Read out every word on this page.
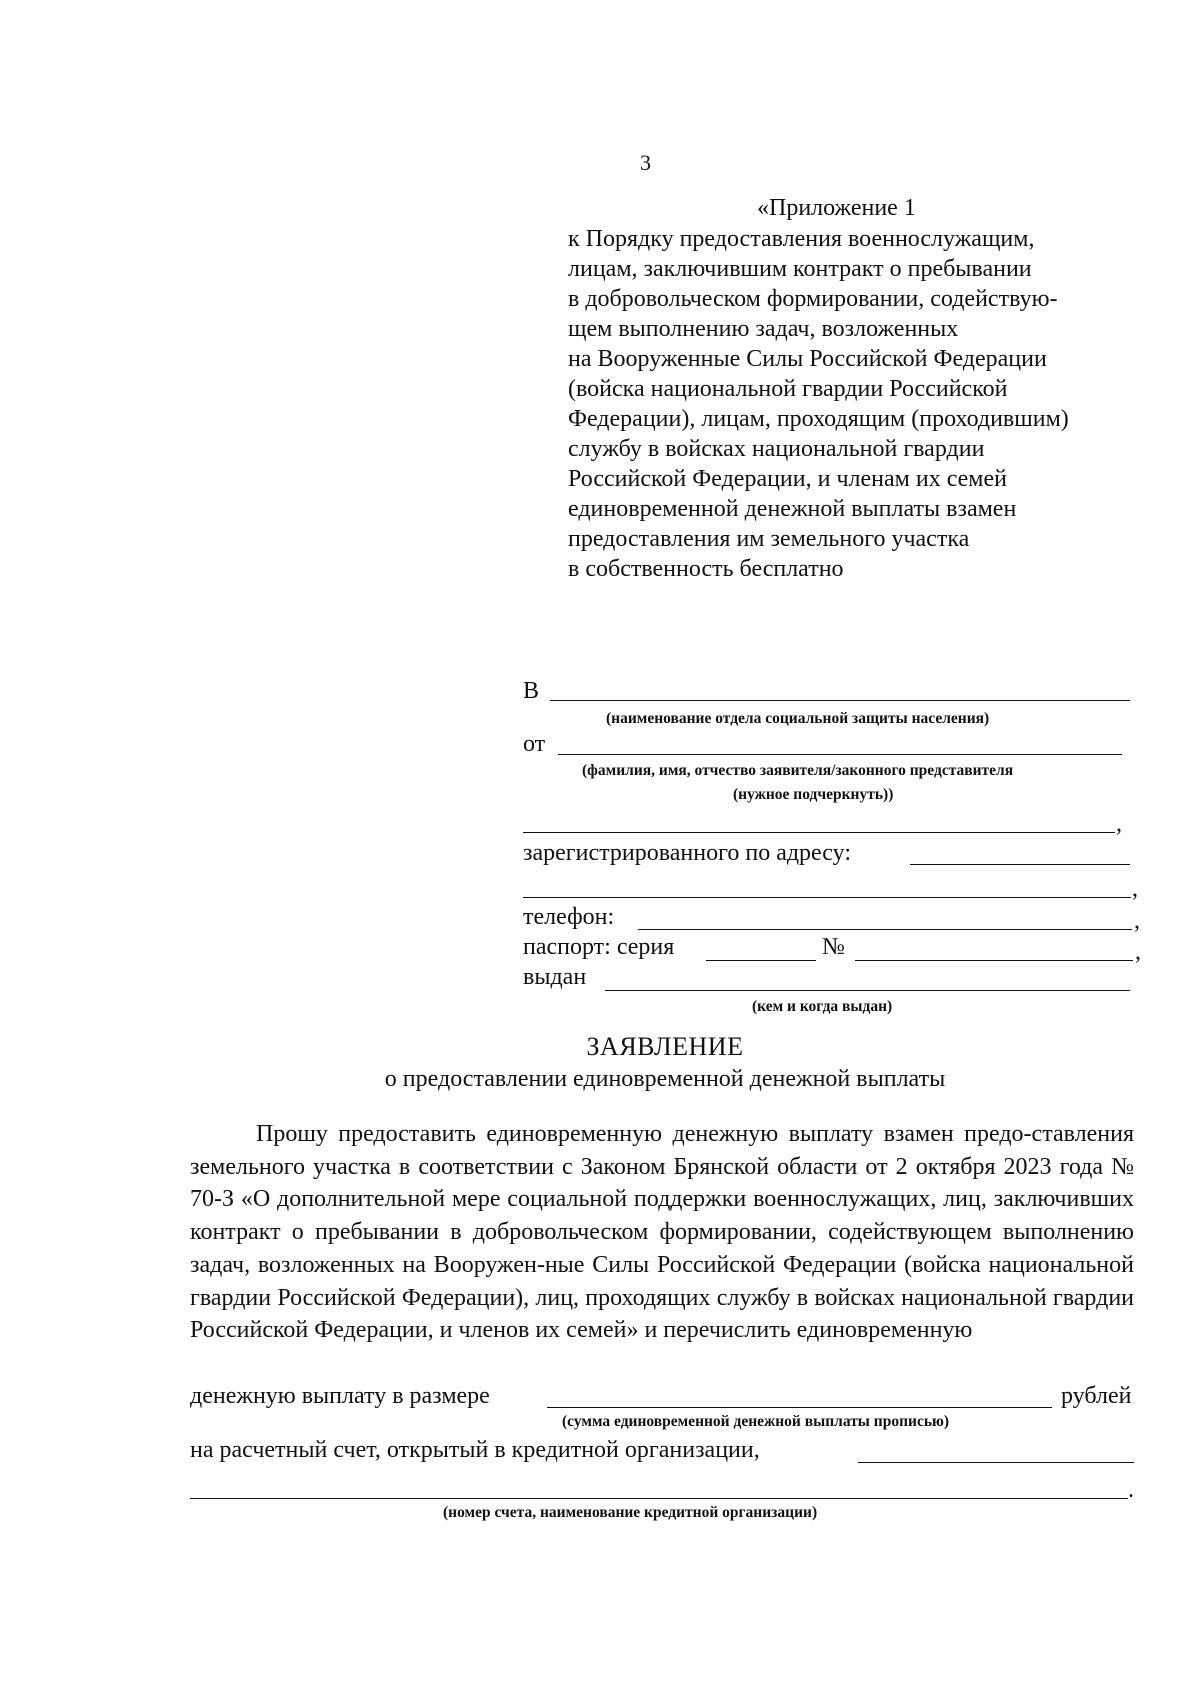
3
«Приложение 1
к Порядку предоставления военнослужащим,
лицам, заключившим контракт о пребывании
в добровольческом формировании, содействую-
щем выполнению задач, возложенных
на Вооруженные Силы Российской Федерации
(войска национальной гвардии Российской
Федерации), лицам, проходящим (проходившим)
службу в войсках национальной гвардии
Российской Федерации, и членам их семей
единовременной денежной выплаты взамен
предоставления им земельного участка
в собственность бесплатно
В
(наименование отдела социальной защиты населения)
от
(фамилия, имя, отчество заявителя/законного представителя
(нужное подчеркнуть))
,
зарегистрированного по адресу:
,
телефон:	,
паспорт: серия	№	,
выдан
(кем и когда выдан)
ЗАЯВЛЕНИЕ
о предоставлении единовременной денежной выплаты
Прошу предоставить единовременную денежную выплату взамен предо-ставления земельного участка в соответствии с Законом Брянской области от 2 октября 2023 года № 70-З «О дополнительной мере социальной поддержки военнослужащих, лиц, заключивших контракт о пребывании в добровольческом формировании, содействующем выполнению задач, возложенных на Вооружен-ные Силы Российской Федерации (войска национальной гвардии Российской Федерации), лиц, проходящих службу в войсках национальной гвардии Российской Федерации, и членов их семей» и перечислить единовременную
денежную выплату в размере	рублей
(сумма единовременной денежной выплаты прописью)
на расчетный счет, открытый в кредитной организации,
.
(номер счета, наименование кредитной организации)
